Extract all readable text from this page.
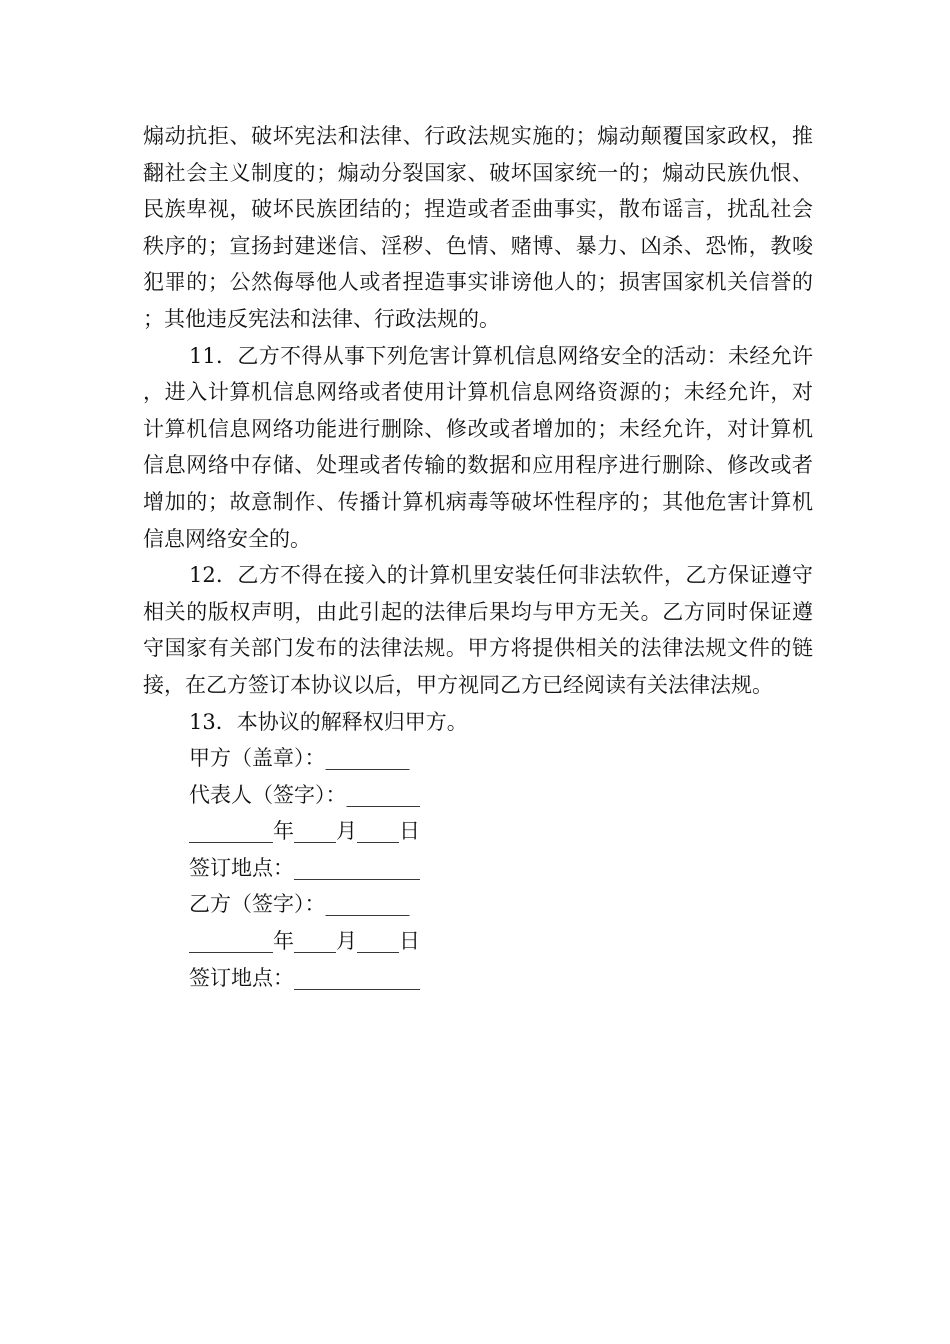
煽动抗拒、破坏宪法和法律、行政法规实施的；煽动颠覆国家政权，推翻社会主义制度的；煽动分裂国家、破坏国家统一的；煽动民族仇恨、民族卑视，破坏民族团结的；捏造或者歪曲事实，散布谣言，扰乱社会秩序的；宣扬封建迷信、淫秽、色情、赌博、暴力、凶杀、恐怖，教唆犯罪的；公然侮辱他人或者捏造事实诽谤他人的；损害国家机关信誉的；其他违反宪法和法律、行政法规的。

11．乙方不得从事下列危害计算机信息网络安全的活动：未经允许，进入计算机信息网络或者使用计算机信息网络资源的；未经允许，对计算机信息网络功能进行删除、修改或者增加的；未经允许，对计算机信息网络中存储、处理或者传输的数据和应用程序进行删除、修改或者增加的；故意制作、传播计算机病毒等破坏性程序的；其他危害计算机信息网络安全的。

12．乙方不得在接入的计算机里安装任何非法软件，乙方保证遵守相关的版权声明，由此引起的法律后果均与甲方无关。乙方同时保证遵守国家有关部门发布的法律法规。甲方将提供相关的法律法规文件的链接，在乙方签订本协议以后，甲方视同乙方已经阅读有关法律法规。

13．本协议的解释权归甲方。

甲方（盖章）：________

代表人（签字）：_______

________年____月____日

签订地点：____________

乙方（签字）：________

________年____月____日

签订地点：____________
